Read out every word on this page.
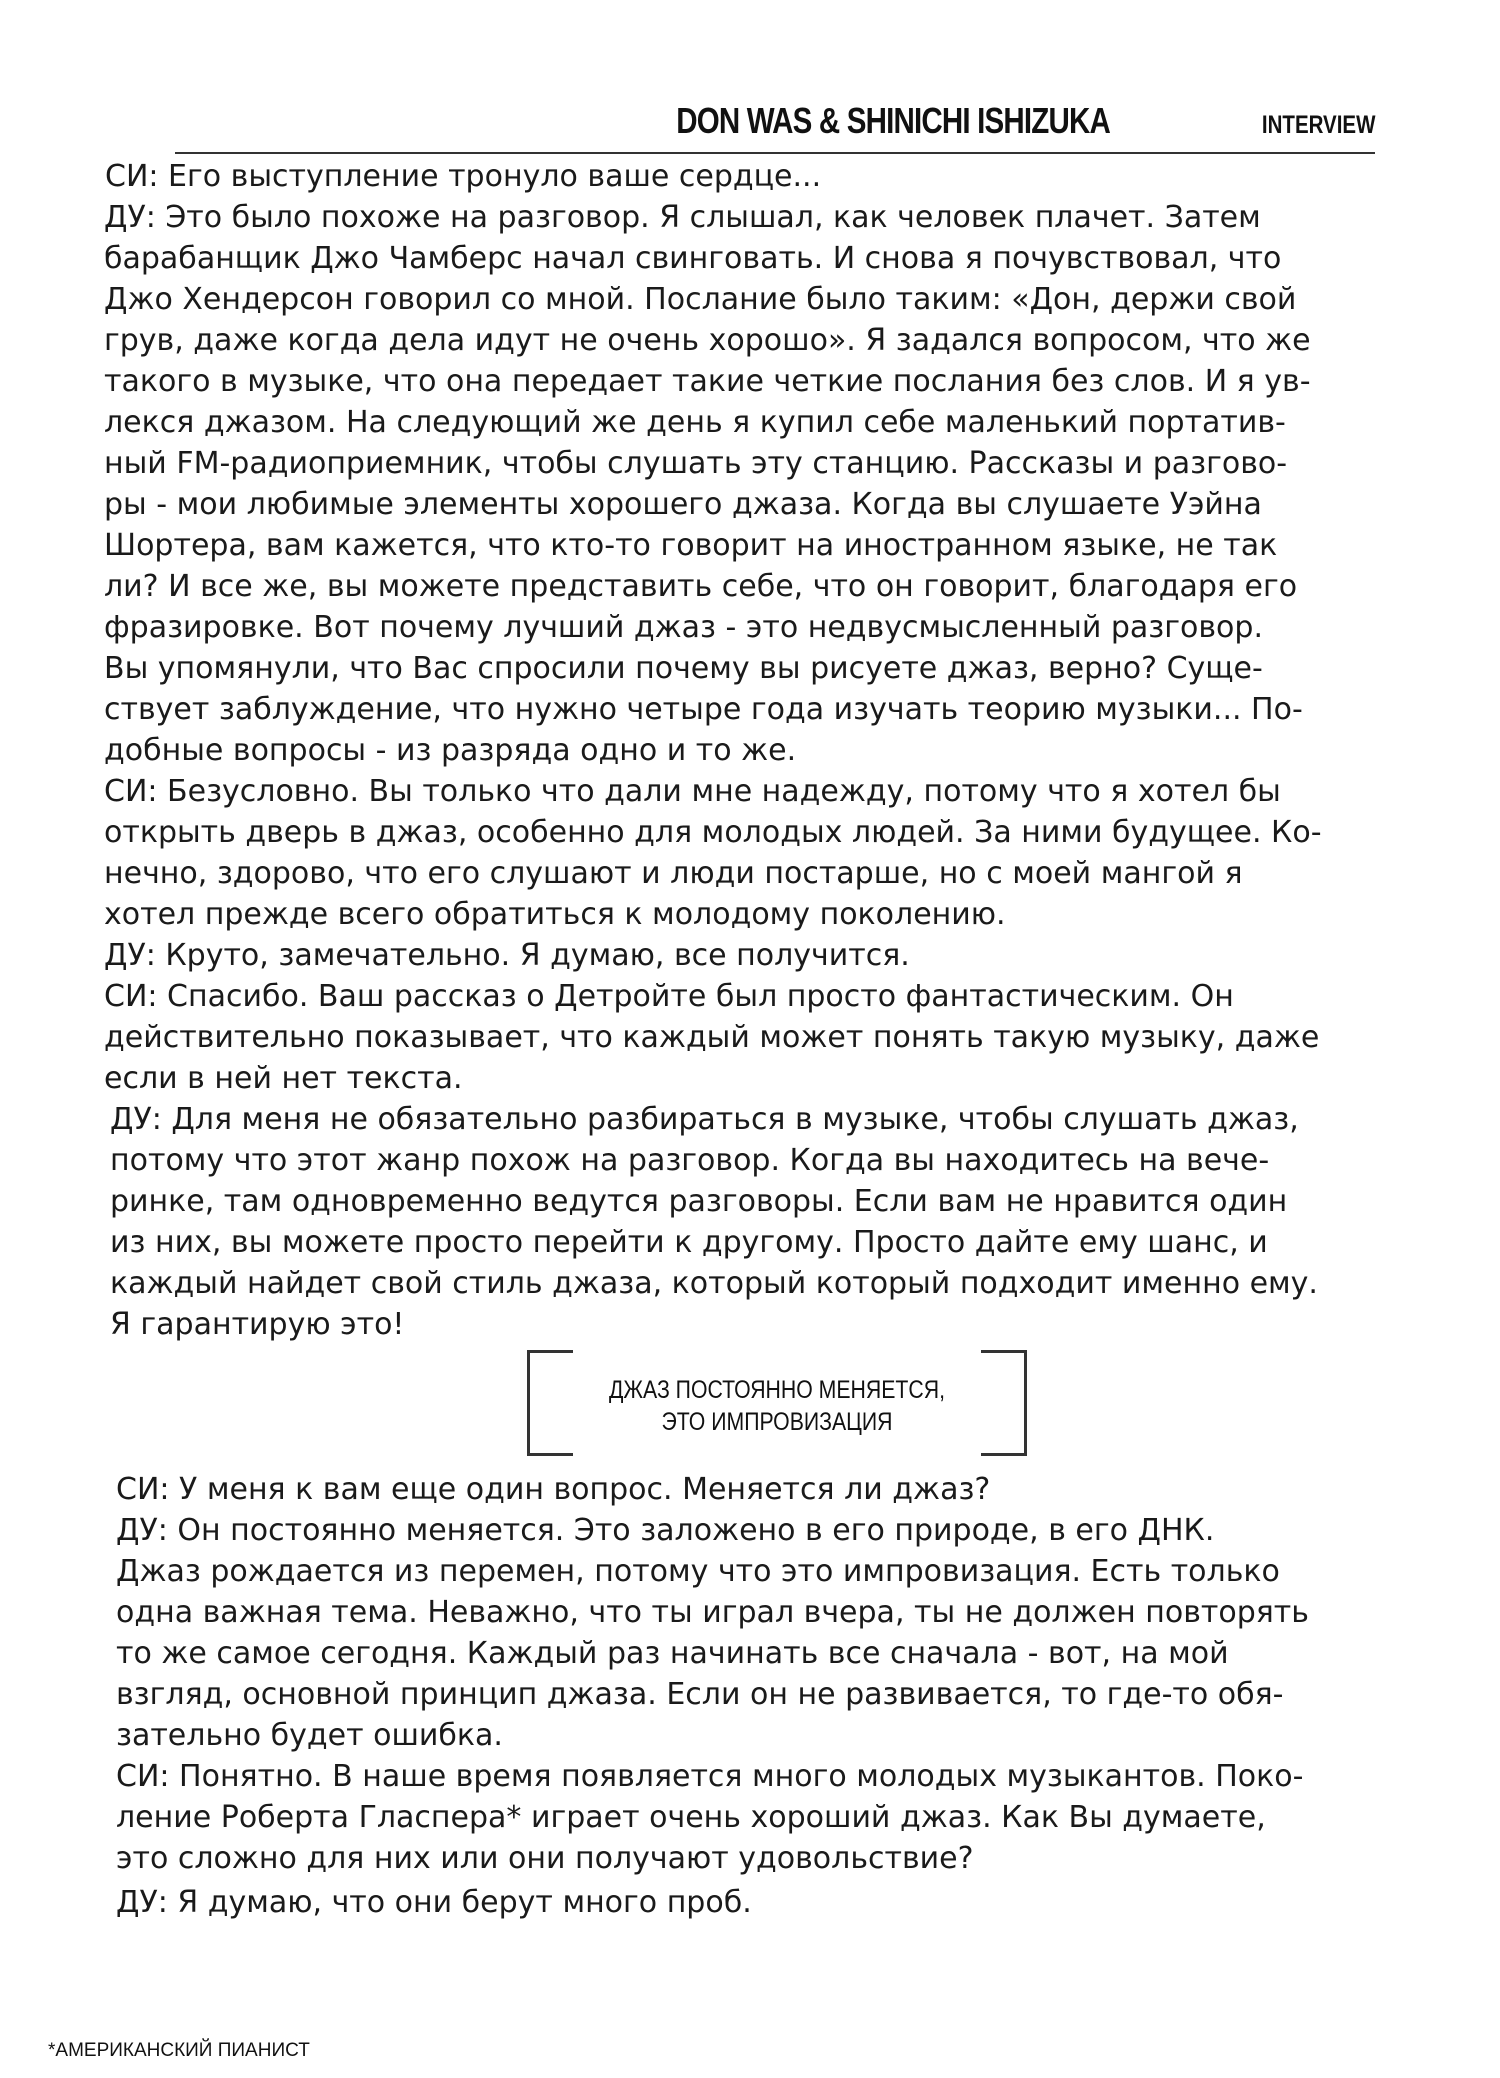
DON WAS & SHINICHI ISHIZUKA	INTERVIEW
СИ: Его выступление тронуло ваше сердце...
ДУ: Это было похоже на разговор. Я слышал, как человек плачет. Затем
барабанщик Джо Чамберс начал свинговать. И снова я почувствовал, что
Джо Хендерсон говорил со мной. Послание было таким: «Дон, держи свой
грув, даже когда дела идут не очень хорошо». Я задался вопросом, что же
такого в музыке, что она передает такие четкие послания без слов. И я ув-
лекся джазом. На следующий же день я купил себе маленький портатив-
ный FM-радиоприемник, чтобы слушать эту станцию. Рассказы и разгово-
ры - мои любимые элементы хорошего джаза. Когда вы слушаете Уэйна
Шортера, вам кажется, что кто-то говорит на иностранном языке, не так
ли? И все же, вы можете представить себе, что он говорит, благодаря его
фразировке. Вот почему лучший джаз - это недвусмысленный разговор.
Вы упомянули, что Вас спросили почему вы рисуете джаз, верно? Суще-
ствует заблуждение, что нужно четыре года изучать теорию музыки... По-
добные вопросы - из разряда одно и то же.
СИ: Безусловно. Вы только что дали мне надежду, потому что я хотел бы
открыть дверь в джаз, особенно для молодых людей. За ними будущее. Ко-
нечно, здорово, что его слушают и люди постарше, но с моей мангой я
хотел прежде всего обратиться к молодому поколению.
ДУ: Круто, замечательно. Я думаю, все получится.
СИ: Спасибо. Ваш рассказ о Детройте был просто фантастическим. Он
действительно показывает, что каждый может понять такую музыку, даже
если в ней нет текста.
ДУ: Для меня не обязательно разбираться в музыке, чтобы слушать джаз,
потому что этот жанр похож на разговор. Когда вы находитесь на вече-
ринке, там одновременно ведутся разговоры. Если вам не нравится один
из них, вы можете просто перейти к другому. Просто дайте ему шанс, и
каждый найдет свой стиль джаза, который который подходит именно ему.
Я гарантирую это!
ДЖАЗ ПОСТОЯННО МЕНЯЕТСЯ,
ЭТО ИМПРОВИЗАЦИЯ
СИ: У меня к вам еще один вопрос. Меняется ли джаз?
ДУ: Он постоянно меняется. Это заложено в его природе, в его ДНК.
Джаз рождается из перемен, потому что это импровизация. Есть только
одна важная тема. Неважно, что ты играл вчера, ты не должен повторять
то же самое сегодня. Каждый раз начинать все сначала - вот, на мой
взгляд, основной принцип джаза. Если он не развивается, то где-то обя-
зательно будет ошибка.
СИ: Понятно. В наше время появляется много молодых музыкантов. Поко-
ление Роберта Гласпера* играет очень хороший джаз. Как Вы думаете,
это сложно для них или они получают удовольствие?
ДУ: Я думаю, что они берут много проб.
*АМЕРИКАНСКИЙ ПИАНИСТ
